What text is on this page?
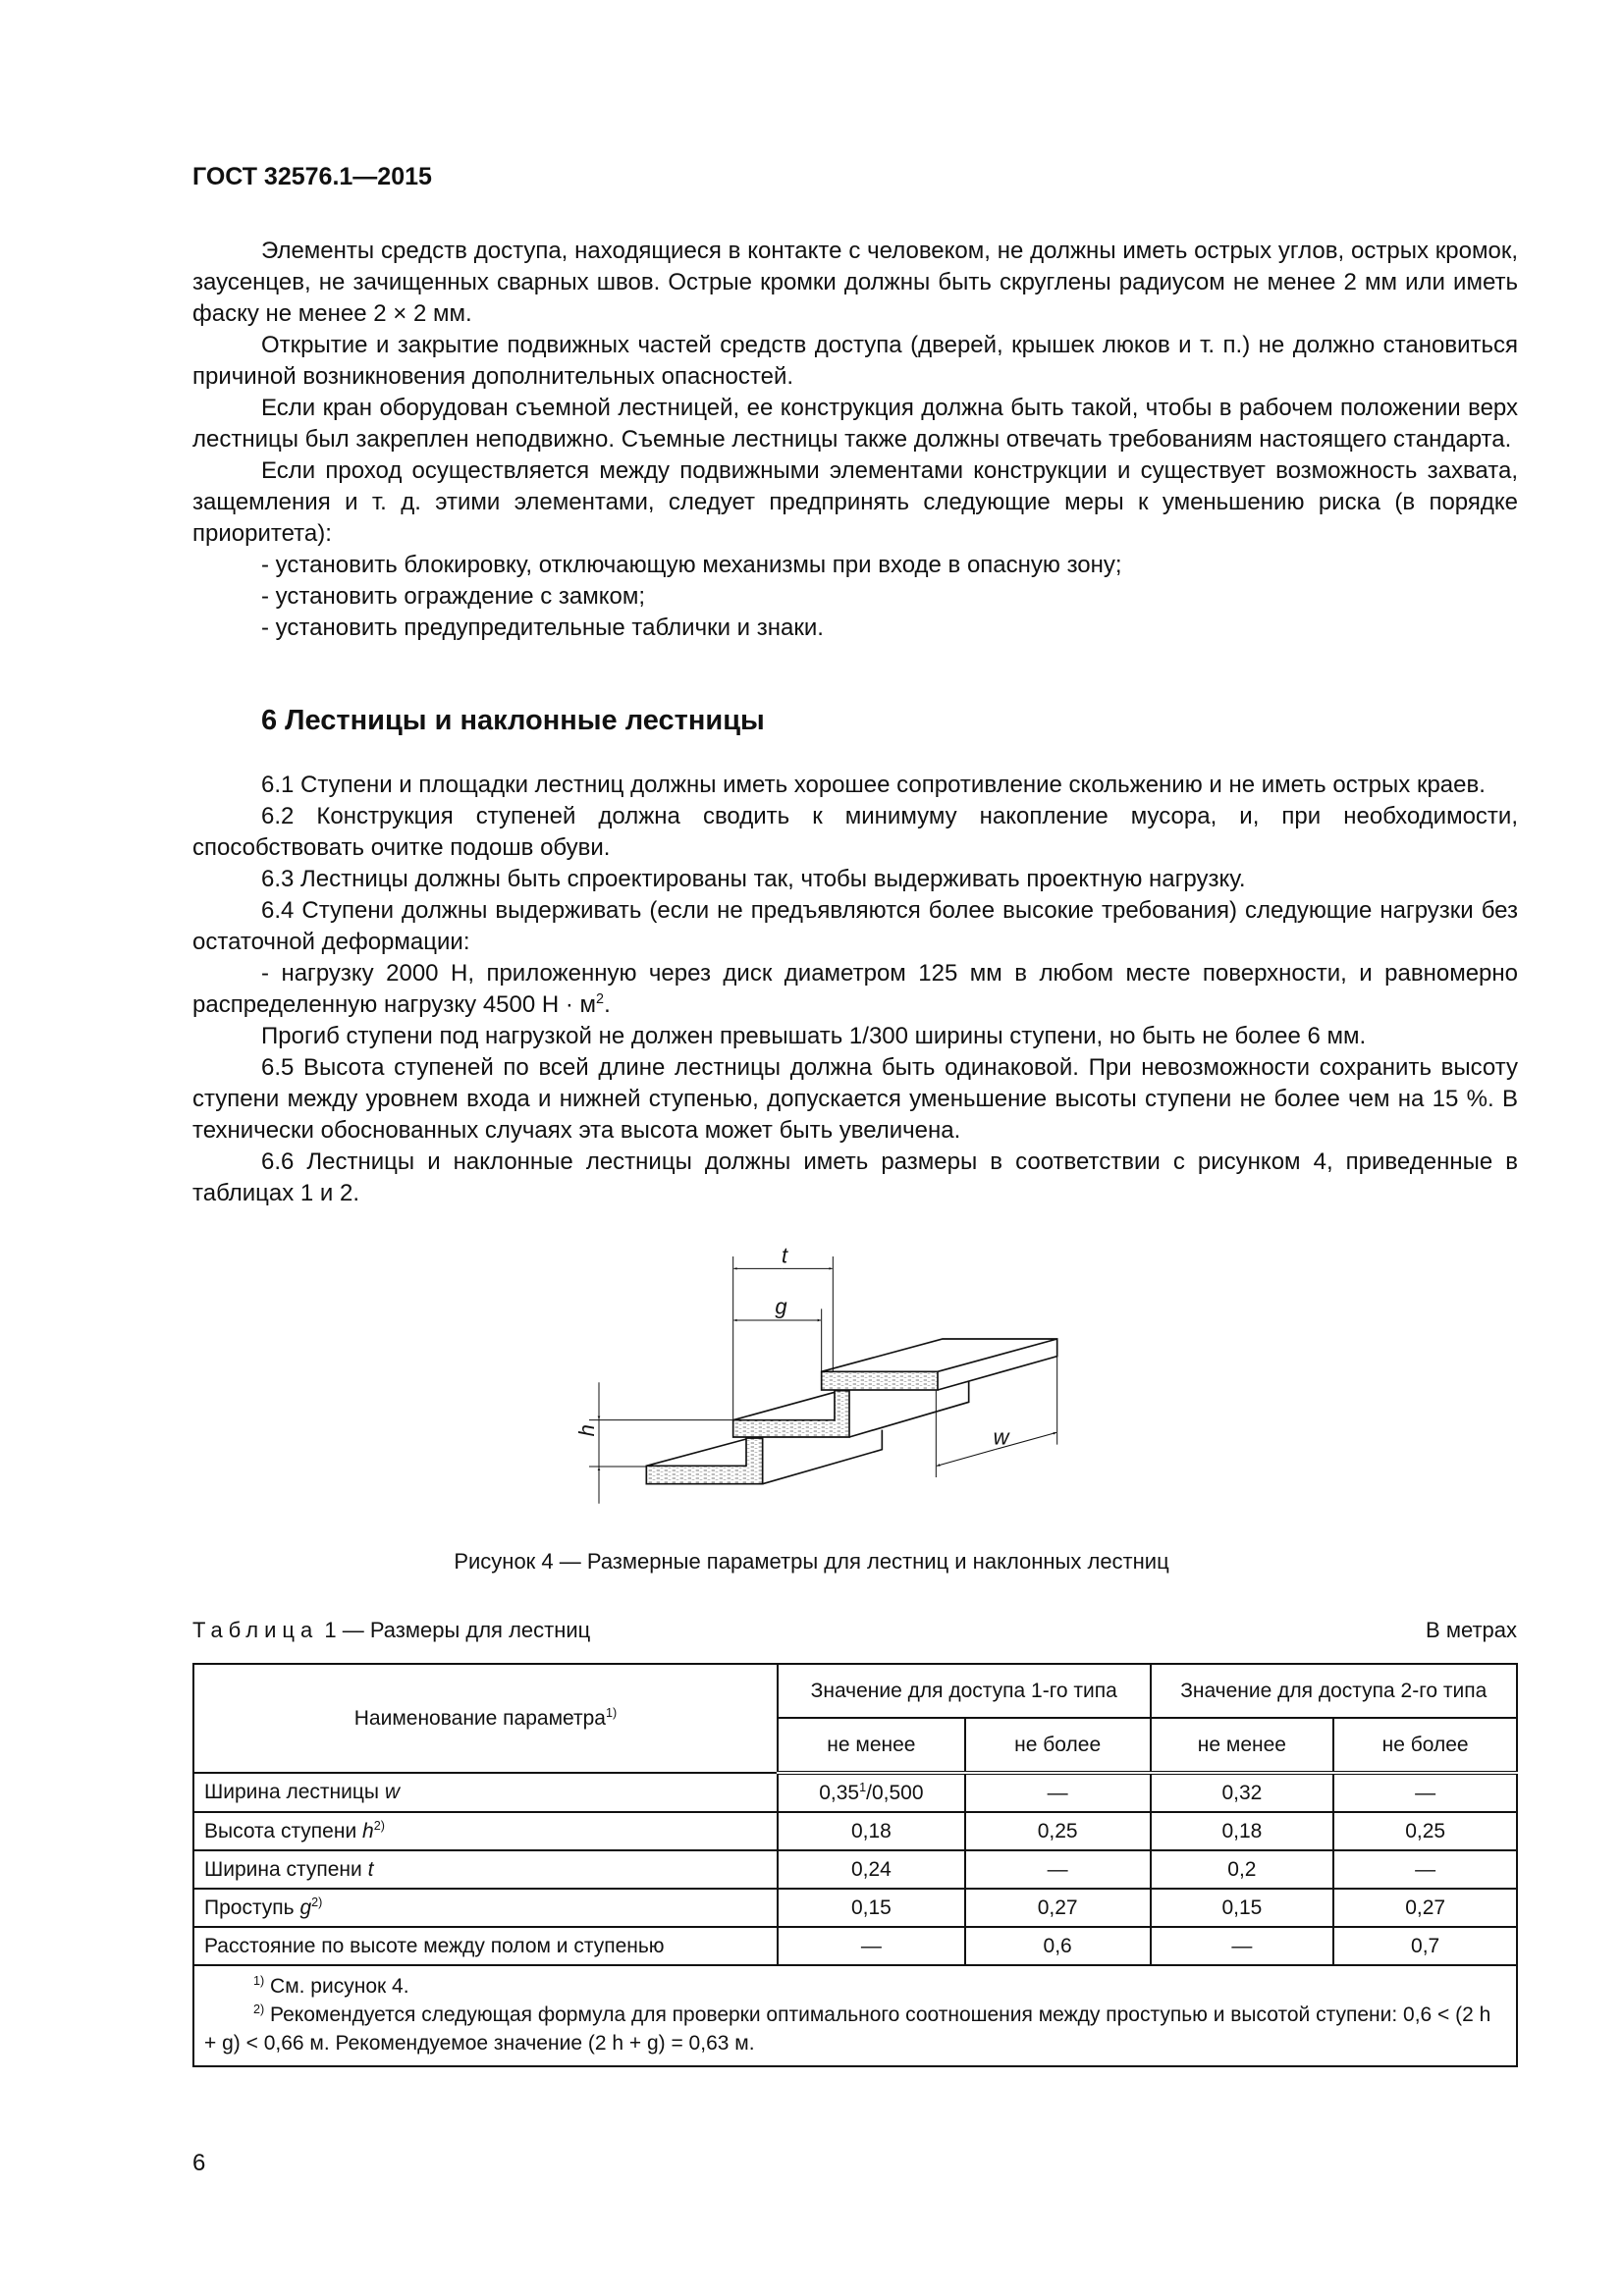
ГОСТ 32576.1—2015

Элементы средств доступа, находящиеся в контакте с человеком, не должны иметь острых углов, острых кромок, заусенцев, не зачищенных сварных швов. Острые кромки должны быть скруглены радиусом не менее 2 мм или иметь фаску не менее 2 × 2 мм.

Открытие и закрытие подвижных частей средств доступа (дверей, крышек люков и т. п.) не должно становиться причиной возникновения дополнительных опасностей.

Если кран оборудован съемной лестницей, ее конструкция должна быть такой, чтобы в рабочем положении верх лестницы был закреплен неподвижно. Съемные лестницы также должны отвечать требованиям настоящего стандарта.

Если проход осуществляется между подвижными элементами конструкции и существует возможность захвата, защемления и т. д. этими элементами, следует предпринять следующие меры к уменьшению риска (в порядке приоритета):

- установить блокировку, отключающую механизмы при входе в опасную зону;

- установить ограждение с замком;

- установить предупредительные таблички и знаки.

6 Лестницы и наклонные лестницы

6.1 Ступени и площадки лестниц должны иметь хорошее сопротивление скольжению и не иметь острых краев.

6.2 Конструкция ступеней должна сводить к минимуму накопление мусора, и, при необходимости, способствовать очитке подошв обуви.

6.3 Лестницы должны быть спроектированы так, чтобы выдерживать проектную нагрузку.

6.4 Ступени должны выдерживать (если не предъявляются более высокие требования) следующие нагрузки без остаточной деформации:

- нагрузку 2000 Н, приложенную через диск диаметром 125 мм в любом месте поверхности, и равномерно распределенную нагрузку 4500 $Н \cdot м^2$.

Прогиб ступени под нагрузкой не должен превышать 1/300 ширины ступени, но быть не более 6 мм.

6.5 Высота ступеней по всей длине лестницы должна быть одинаковой. При невозможности сохранить высоту ступени между уровнем входа и нижней ступенью, допускается уменьшение высоты ступени не более чем на 15 %. В технически обоснованных случаях эта высота может быть увеличена.

6.6 Лестницы и наклонные лестницы должны иметь размеры в соответствии с рисунком 4, приведенные в таблицах 1 и 2.

t
g
h	w
Рисунок 4 — Размерные параметры для лестниц и наклонных лестниц
Таблица 1 — Размеры для лестниц	В метрах
Наименование параметра$^{1)}$	Значение для доступа 1-го типа		Значение для доступа 2-го типа	
	не менее	не более	не менее	не более
Ширина лестницы w	0,35$^1$/0,500	—	0,32	—
Высота ступени $h^{2)}$	0,18	0,25	0,18	0,25
Ширина ступени t	0,24	—	0,2	—
Проступь $g^{2)}$	0,15	0,27	0,15	0,27
Расстояние по высоте между полом и ступенью	—	0,6	—	0,7

$^{1)}$ См. рисунок 4.
$^{2)}$ Рекомендуется следующая формула для проверки оптимального соотношения между проступью и высотой ступени: 0,6 < (2 h + g) < 0,66 м. Рекомендуемое значение (2 h + g) = 0,63 м.				
6
